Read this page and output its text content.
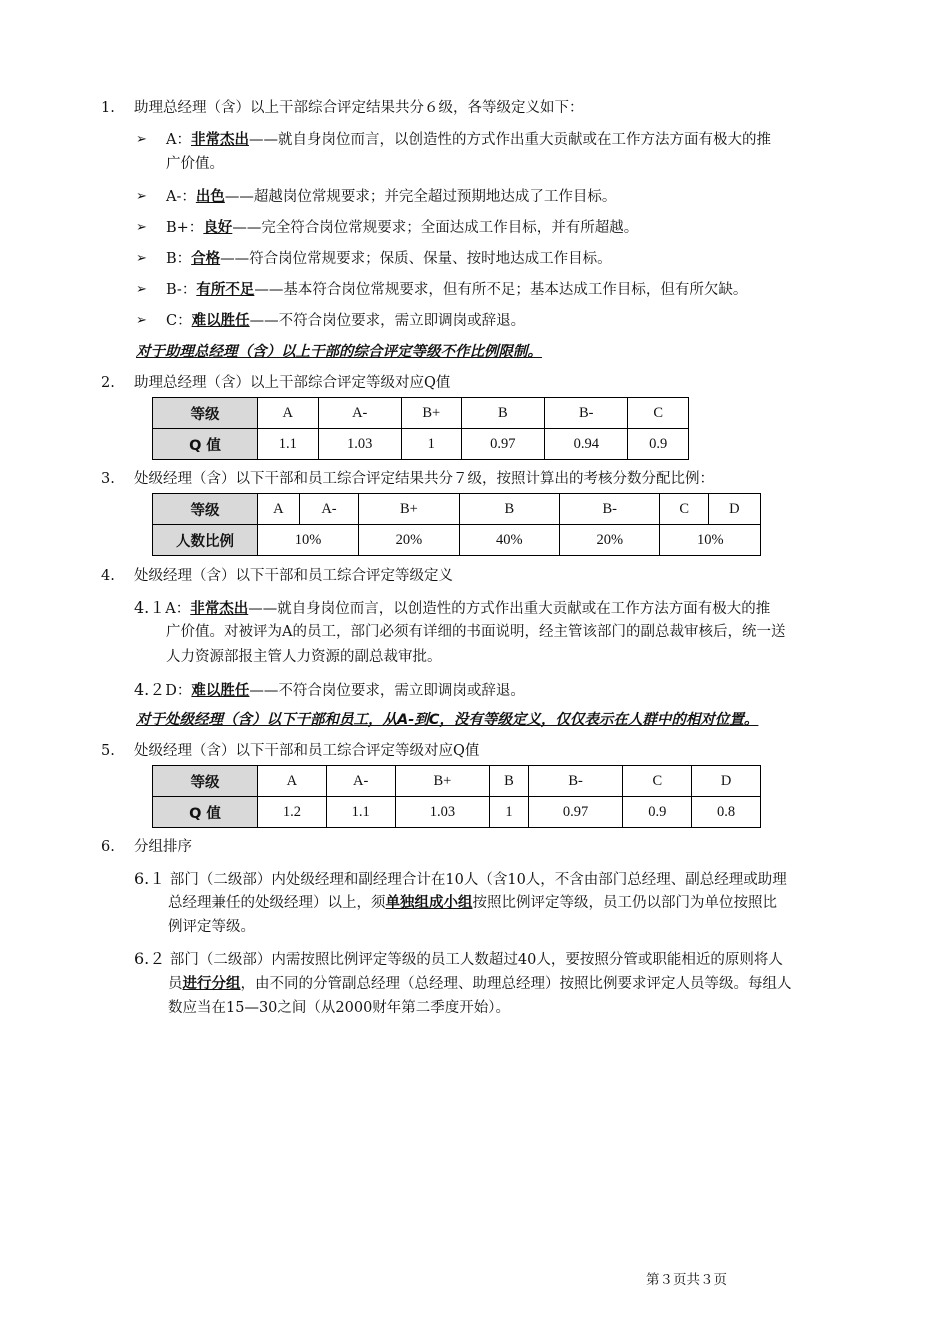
1. 助理总经理（含）以上干部综合评定结果共分６级，各等级定义如下：
➢ A：非常杰出——就自身岗位而言，以创造性的方式作出重大贡献或在工作方法方面有极大的推
广价值。
➢ A-：出色——超越岗位常规要求；并完全超过预期地达成了工作目标。
➢ B+：良好——完全符合岗位常规要求；全面达成工作目标，并有所超越。
➢ B：合格——符合岗位常规要求；保质、保量、按时地达成工作目标。
➢ B-：有所不足——基本符合岗位常规要求，但有所不足；基本达成工作目标，但有所欠缺。
➢ C：难以胜任——不符合岗位要求，需立即调岗或辞退。
对于助理总经理（含）以上干部的综合评定等级不作比例限制。
2. 助理总经理（含）以上干部综合评定等级对应Q值
等级	A	A-	B+	B	B-	C
Q 值	1.1	1.03	1	0.97	0.94	0.9
3. 处级经理（含）以下干部和员工综合评定结果共分７级，按照计算出的考核分数分配比例：
等级	A	A-	B+	B	B-	C	D
人数比例	10%		20%	40%	20%	10%	
4. 处级经理（含）以下干部和员工综合评定等级定义
4.１A：非常杰出——就自身岗位而言，以创造性的方式作出重大贡献或在工作方法方面有极大的推
广价值。对被评为A的员工，部门必须有详细的书面说明，经主管该部门的副总裁审核后，统一送
人力资源部报主管人力资源的副总裁审批。
4.２D：难以胜任——不符合岗位要求，需立即调岗或辞退。
对于处级经理（含）以下干部和员工，从A-到C，没有等级定义，仅仅表示在人群中的相对位置。
5. 处级经理（含）以下干部和员工综合评定等级对应Q值
等级	A	A-	B+	B	B-	C	D
Q 值	1.2	1.1	1.03	1	0.97	0.9	0.8
6. 分组排序
6.１ 部门（二级部）内处级经理和副经理合计在10人（含10人，不含由部门总经理、副总经理或助理
总经理兼任的处级经理）以上，须单独组成小组按照比例评定等级，员工仍以部门为单位按照比
例评定等级。
6.２ 部门（二级部）内需按照比例评定等级的员工人数超过40人，要按照分管或职能相近的原则将人
员进行分组，由不同的分管副总经理（总经理、助理总经理）按照比例要求评定人员等级。每组人
数应当在15—30之间（从2000财年第二季度开始）。
第３页共３页
